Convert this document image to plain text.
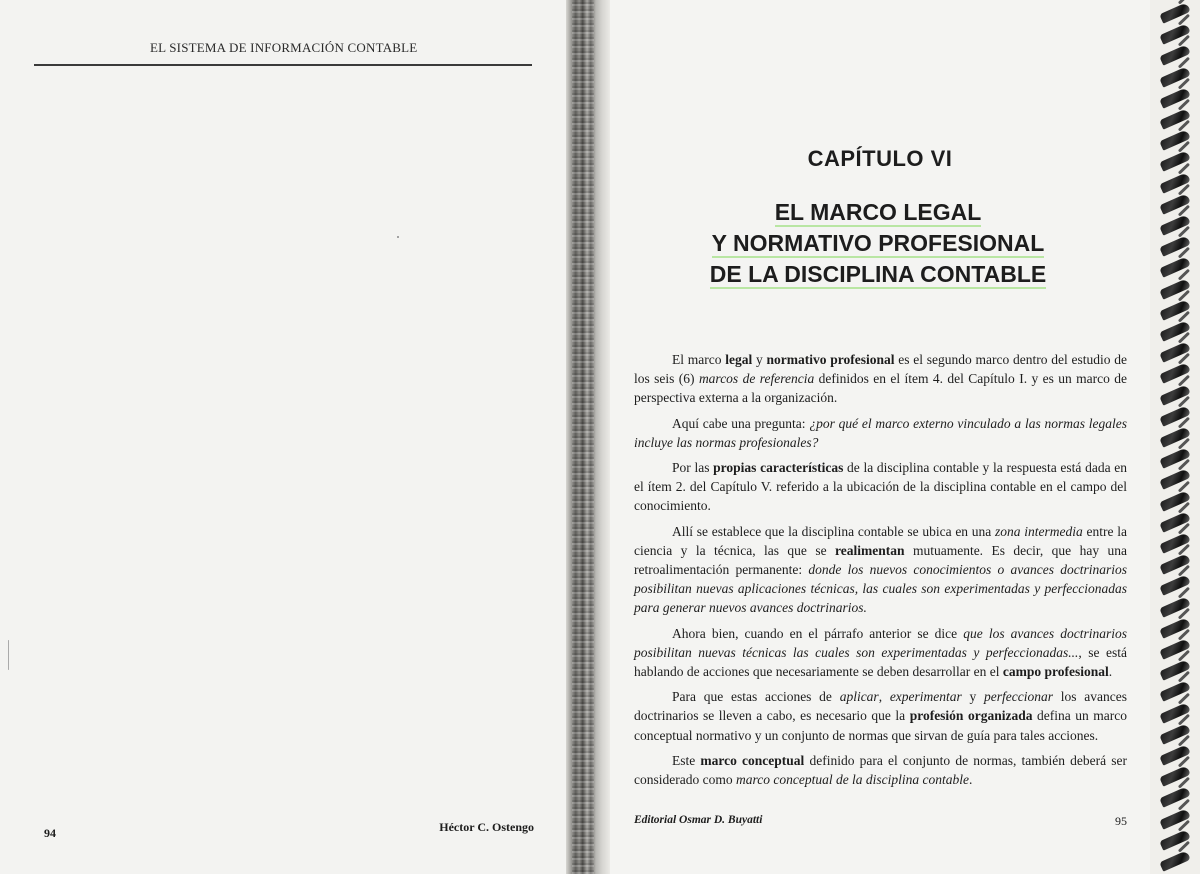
EL SISTEMA DE INFORMACIÓN CONTABLE
94	Héctor C. Ostengo
CAPÍTULO VI
EL MARCO LEGAL
Y NORMATIVO PROFESIONAL
DE LA DISCIPLINA CONTABLE

El marco legal y normativo profesional es el segundo marco dentro del estudio de los seis (6) marcos de referencia definidos en el ítem 4. del Capítulo I. y es un marco de perspectiva externa a la organización.

Aquí cabe una pregunta: ¿por qué el marco externo vinculado a las normas legales incluye las normas profesionales?

Por las propias características de la disciplina contable y la respuesta está dada en el ítem 2. del Capítulo V. referido a la ubicación de la disciplina contable en el campo del conocimiento.

Allí se establece que la disciplina contable se ubica en una zona intermedia entre la ciencia y la técnica, las que se realimentan mutuamente. Es decir, que hay una retroalimentación permanente: donde los nuevos conocimientos o avances doctrinarios posibilitan nuevas aplicaciones técnicas, las cuales son experimentadas y perfeccionadas para generar nuevos avances doctrinarios.

Ahora bien, cuando en el párrafo anterior se dice que los avances doctrinarios posibilitan nuevas técnicas las cuales son experimentadas y perfeccionadas..., se está hablando de acciones que necesariamente se deben desarrollar en el campo profesional.

Para que estas acciones de aplicar, experimentar y perfeccionar los avances doctrinarios se lleven a cabo, es necesario que la profesión organizada defina un marco conceptual normativo y un conjunto de normas que sirvan de guía para tales acciones.

Este marco conceptual definido para el conjunto de normas, también deberá ser considerado como marco conceptual de la disciplina contable.

Editorial Osmar D. Buyatti	95
